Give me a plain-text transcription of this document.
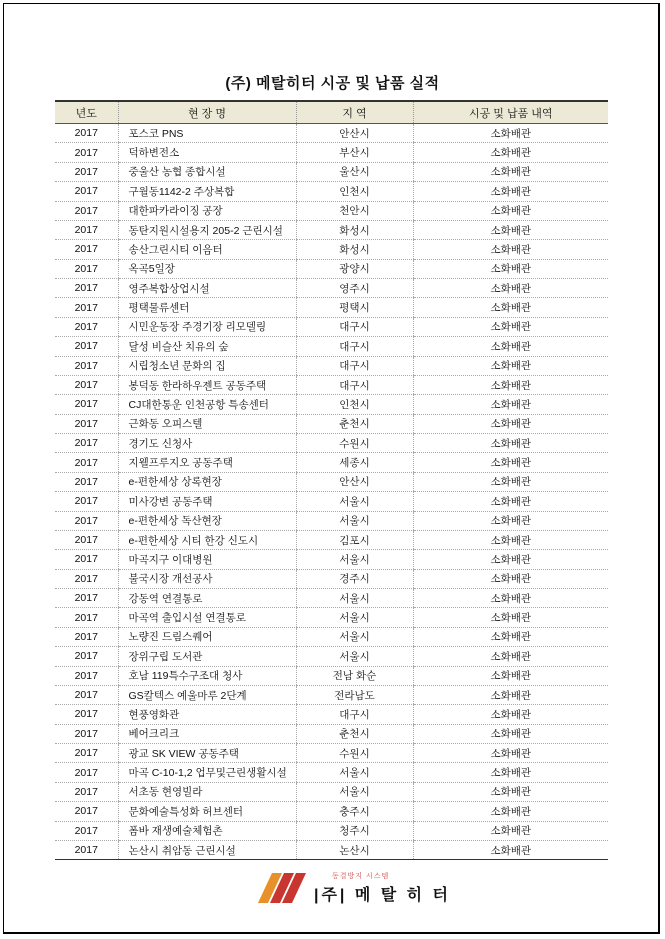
(주) 메탈히터 시공 및 납품 실적
년도	현 장 명	지 역	시공 및 납품 내역
2017	포스코 PNS	안산시	소화배관
2017	덕하변전소	부산시	소화배관
2017	중울산 농협 종합시설	울산시	소화배관
2017	구월동1142-2 주상복합	인천시	소화배관
2017	대한파카라이징 공장	천안시	소화배관
2017	동탄지원시설용지 205-2 근린시설	화성시	소화배관
2017	송산그린시티 이음터	화성시	소화배관
2017	옥곡5일장	광양시	소화배관
2017	영주복합상업시설	영주시	소화배관
2017	평택물류센터	평택시	소화배관
2017	시민운동장 주경기장 리모델링	대구시	소화배관
2017	달성 비슬산 치유의 숲	대구시	소화배관
2017	시립청소년 문화의 집	대구시	소화배관
2017	봉덕동 한라하우젠트 공동주택	대구시	소화배관
2017	CJ대한통운 인천공항 특송센터	인천시	소화배관
2017	근화동 오피스텔	춘천시	소화배관
2017	경기도 신청사	수원시	소화배관
2017	지웰프루지오 공동주택	세종시	소화배관
2017	e-편한세상 상록현장	안산시	소화배관
2017	미사강변 공동주택	서울시	소화배관
2017	e-편한세상 독산현장	서울시	소화배관
2017	e-편한세상 시티 한강 신도시	김포시	소화배관
2017	마곡지구 이대병원	서울시	소화배관
2017	불국시장 개선공사	경주시	소화배관
2017	강동역 연결통로	서울시	소화배관
2017	마곡역 출입시설 연결통로	서울시	소화배관
2017	노량진 드림스퀘어	서울시	소화배관
2017	장위구립 도서관	서울시	소화배관
2017	호남 119특수구조대 청사	전남 화순	소화배관
2017	GS칼텍스 예울마루 2단계	전라남도	소화배관
2017	현풍영화관	대구시	소화배관
2017	베어크리크	춘천시	소화배관
2017	광교 SK VIEW 공동주택	수원시	소화배관
2017	마곡 C-10-1,2 업무및근린생활시설	서울시	소화배관
2017	서초동 현영빌라	서울시	소화배관
2017	문화예술특성화 허브센터	충주시	소화배관
2017	폼바 재생예술체험촌	청주시	소화배관
2017	논산시 취암동 근린시설	논산시	소화배관
동결방지 시스템
|주| 메 탈 히 터
